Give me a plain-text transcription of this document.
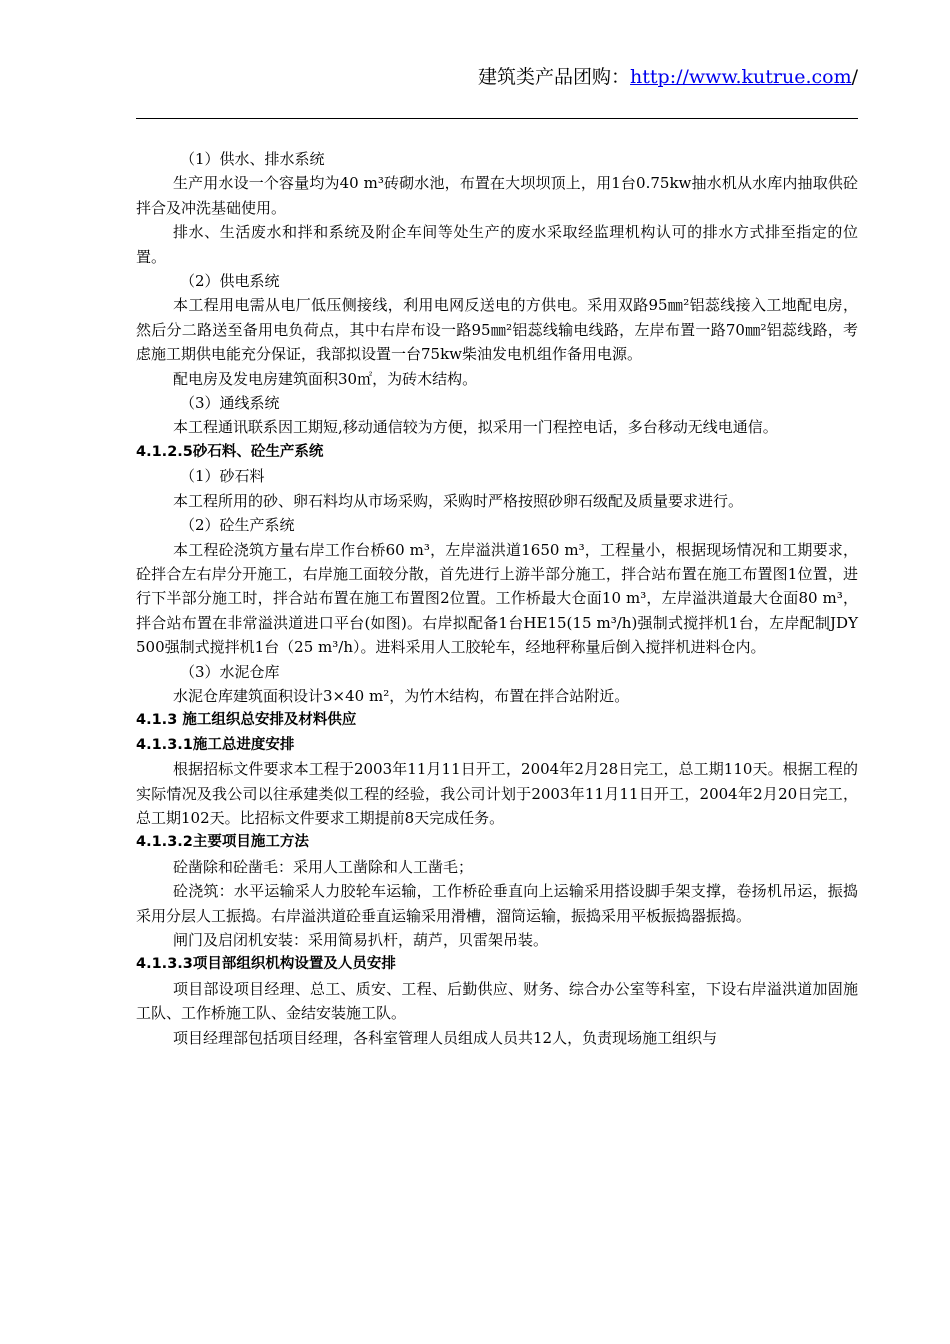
建筑类产品团购：http://www.kutrue.com/

（1）供水、排水系统

生产用水设一个容量均为40 m³砖砌水池，布置在大坝坝顶上，用1台0.75kw抽水机从水库内抽取供砼拌合及冲洗基础使用。

排水、生活废水和拌和系统及附企车间等处生产的废水采取经监理机构认可的排水方式排至指定的位置。

（2）供电系统

本工程用电需从电厂低压侧接线，利用电网反送电的方供电。采用双路95㎜²铝蕊线接入工地配电房，然后分二路送至备用电负荷点，其中右岸布设一路95㎜²铝蕊线输电线路，左岸布置一路70㎜²铝蕊线路，考虑施工期供电能充分保证，我部拟设置一台75kw柴油发电机组作备用电源。

配电房及发电房建筑面积30㎡，为砖木结构。

（3）通线系统

本工程通讯联系因工期短,移动通信较为方便，拟采用一门程控电话，多台移动无线电通信。

4.1.2.5砂石料、砼生产系统

（1）砂石料

本工程所用的砂、卵石料均从市场采购，采购时严格按照砂卵石级配及质量要求进行。

（2）砼生产系统

本工程砼浇筑方量右岸工作台桥60 m³，左岸溢洪道1650 m³，工程量小，根据现场情况和工期要求，砼拌合左右岸分开施工，右岸施工面较分散，首先进行上游半部分施工，拌合站布置在施工布置图1位置，进行下半部分施工时，拌合站布置在施工布置图2位置。工作桥最大仓面10 m³，左岸溢洪道最大仓面80 m³，拌合站布置在非常溢洪道进口平台(如图)。右岸拟配备1台HE15(15 m³/h)强制式搅拌机1台，左岸配制JDY 500强制式搅拌机1台（25 m³/h）。进料采用人工胶轮车，经地秤称量后倒入搅拌机进料仓内。

（3）水泥仓库

水泥仓库建筑面积设计3×40 m²，为竹木结构，布置在拌合站附近。

4.1.3 施工组织总安排及材料供应

4.1.3.1施工总进度安排

根据招标文件要求本工程于2003年11月11日开工，2004年2月28日完工，总工期110天。根据工程的实际情况及我公司以往承建类似工程的经验，我公司计划于2003年11月11日开工，2004年2月20日完工，总工期102天。比招标文件要求工期提前8天完成任务。

4.1.3.2主要项目施工方法

砼凿除和砼凿毛：采用人工凿除和人工凿毛；

砼浇筑：水平运输采人力胶轮车运输，工作桥砼垂直向上运输采用搭设脚手架支撑，卷扬机吊运，振捣采用分层人工振捣。右岸溢洪道砼垂直运输采用滑槽，溜筒运输，振捣采用平板振捣器振捣。

闸门及启闭机安装：采用简易扒杆，葫芦，贝雷架吊装。

4.1.3.3项目部组织机构设置及人员安排

项目部设项目经理、总工、质安、工程、后勤供应、财务、综合办公室等科室，下设右岸溢洪道加固施工队、工作桥施工队、金结安装施工队。

项目经理部包括项目经理，各科室管理人员组成人员共12人，负责现场施工组织与
